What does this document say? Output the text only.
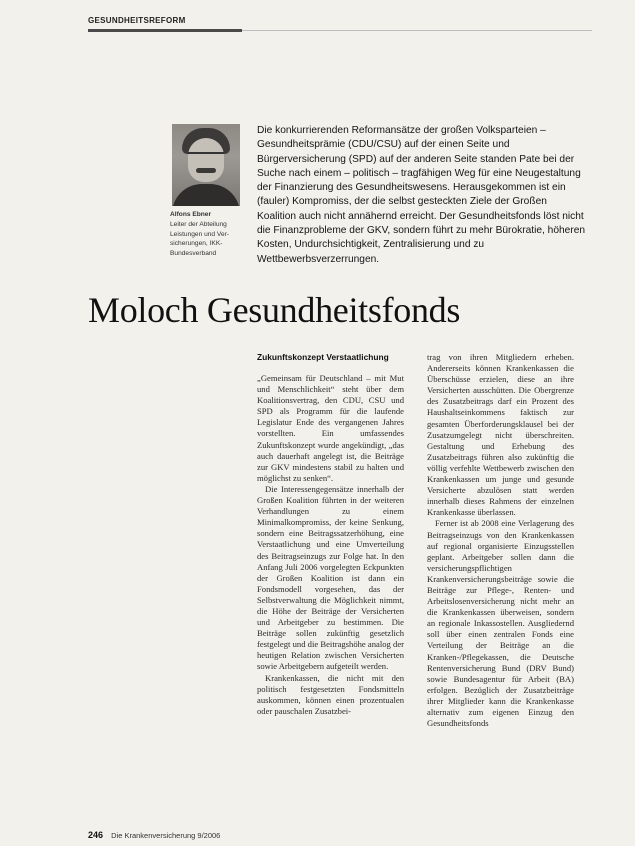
GESUNDHEITSREFORM
Alfons Ebner
Leiter der Abteilung
Leistungen und Ver-
sicherungen, IKK-
Bundesverband

Die konkurrierenden Reformansätze der großen Volksparteien – Gesundheitsprämie (CDU/CSU) auf der einen Seite und Bürgerversicherung (SPD) auf der anderen Seite standen Pate bei der Suche nach einem – politisch – tragfähigen Weg für eine Neugestaltung der Finanzierung des Gesundheitswesens. Herausgekommen ist ein (fauler) Kompromiss, der die selbst gesteckten Ziele der Großen Koalition auch nicht annähernd erreicht. Der Gesundheitsfonds löst nicht die Finanzprobleme der GKV, sondern führt zu mehr Bürokratie, höheren Kosten, Undurchsichtigkeit, Zentralisierung und zu Wettbewerbsverzerrungen.

Moloch Gesundheitsfonds

Zukunftskonzept Verstaatlichung

„Gemeinsam für Deutschland – mit Mut und Menschlichkeit“ steht über dem Koalitionsvertrag, den CDU, CSU und SPD als Programm für die laufende Legislatur Ende des vergangenen Jahres vorstellten. Ein umfassendes Zukunftskonzept wurde angekündigt, „das auch dauerhaft angelegt ist, die Beiträge zur GKV mindestens stabil zu halten und möglichst zu senken“.

Die Interessengegensätze innerhalb der Großen Koalition führten in der weiteren Verhandlungen zu einem Minimalkompromiss, der keine Senkung, sondern eine Beitragssatzerhöhung, eine Verstaatlichung und eine Umverteilung des Beitragseinzugs zur Folge hat. In den Anfang Juli 2006 vorgelegten Eckpunkten der Großen Koalition ist dann ein Fondsmodell vorgesehen, das der Selbstverwaltung die Möglichkeit nimmt, die Höhe der Beiträge der Versicherten und Arbeitgeber zu bestimmen. Die Beiträge sollen zukünftig gesetzlich festgelegt und die Beitragshöhe analog der heutigen Relation zwischen Versicherten sowie Arbeitgebern aufgeteilt werden.

Krankenkassen, die nicht mit den politisch festgesetzten Fondsmitteln auskommen, können einen prozentualen oder pauschalen Zusatzbei-

trag von ihren Mitgliedern erheben. Andererseits können Krankenkassen die Überschüsse erzielen, diese an ihre Versicherten ausschütten. Die Obergrenze des Zusatzbeitrags darf ein Prozent des Haushaltseinkommens faktisch zur gesamten Überforderungsklausel bei der Zusatzumgelegt nicht überschreiten. Gestaltung und Erhebung des Zusatzbeitrags führen also zukünftig die völlig verfehlte Wettbewerb zwischen den Krankenkassen um junge und gesunde Versicherte abzulösen statt werden innerhalb dieses Rahmens der einzelnen Krankenkasse überlassen.

Ferner ist ab 2008 eine Verlagerung des Beitragseinzugs von den Krankenkassen auf regional organisierte Einzugsstellen geplant. Arbeitgeber sollen dann die versicherungspflichtigen Krankenversicherungsbeiträge sowie die Beiträge zur Pflege-, Renten- und Arbeitslosenversicherung nicht mehr an die Krankenkassen überweisen, sondern an regionale Inkassostellen. Ausgliedernd soll über einen zentralen Fonds eine Verteilung der Beiträge an die Kranken-/Pflegekassen, die Deutsche Rentenversicherung Bund (DRV Bund) sowie Bundesagentur für Arbeit (BA) erfolgen. Bezüglich der Zusatzbeiträge ihrer Mitglieder kann die Krankenkasse alternativ zum eigenen Einzug den Gesundheitsfonds

246 Die Krankenversicherung 9/2006
